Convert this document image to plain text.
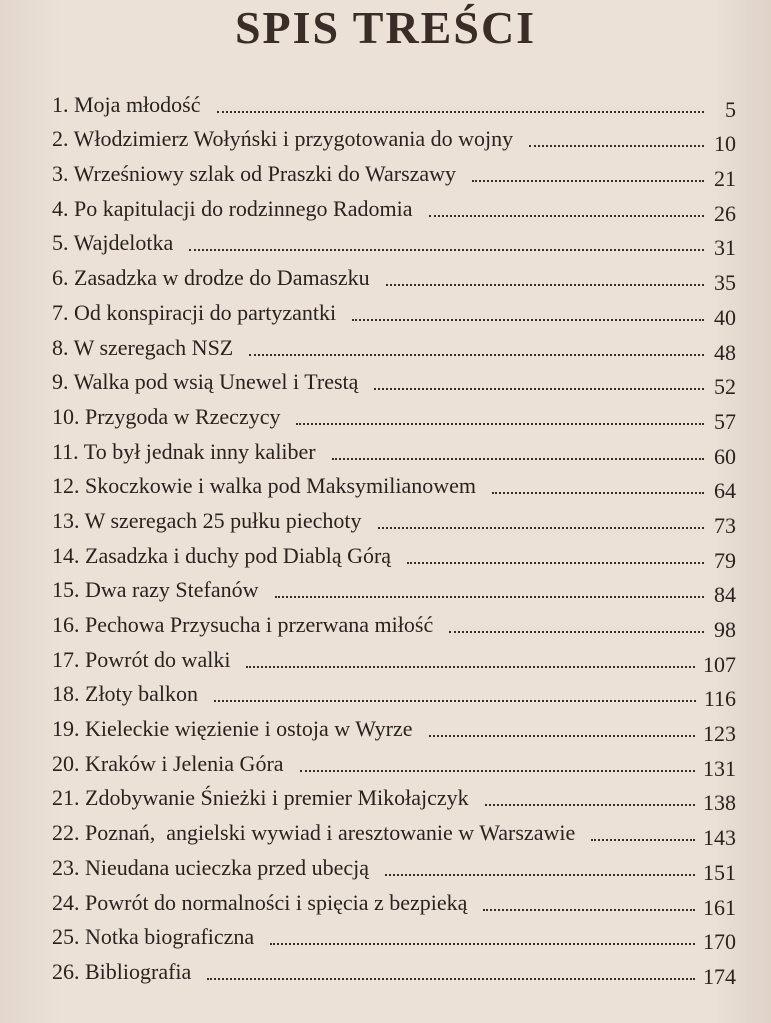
SPIS TREŚCI
1. Moja młodość	5
2. Włodzimierz Wołyński i przygotowania do wojny	10
3. Wrześniowy szlak od Praszki do Warszawy	21
4. Po kapitulacji do rodzinnego Radomia	26
5. Wajdelotka	31
6. Zasadzka w drodze do Damaszku	35
7. Od konspiracji do partyzantki	40
8. W szeregach NSZ	48
9. Walka pod wsią Unewel i Trestą	52
10. Przygoda w Rzeczycy	57
11. To był jednak inny kaliber	60
12. Skoczkowie i walka pod Maksymilianowem	64
13. W szeregach 25 pułku piechoty	73
14. Zasadzka i duchy pod Diablą Górą	79
15. Dwa razy Stefanów	84
16. Pechowa Przysucha i przerwana miłość	98
17. Powrót do walki	107
18. Złoty balkon	116
19. Kieleckie więzienie i ostoja w Wyrze	123
20. Kraków i Jelenia Góra	131
21. Zdobywanie Śnieżki i premier Mikołajczyk	138
22. Poznań,  angielski wywiad i aresztowanie w Warszawie	143
23. Nieudana ucieczka przed ubecją	151
24. Powrót do normalności i spięcia z bezpieką	161
25. Notka biograficzna	170
26. Bibliografia	174
